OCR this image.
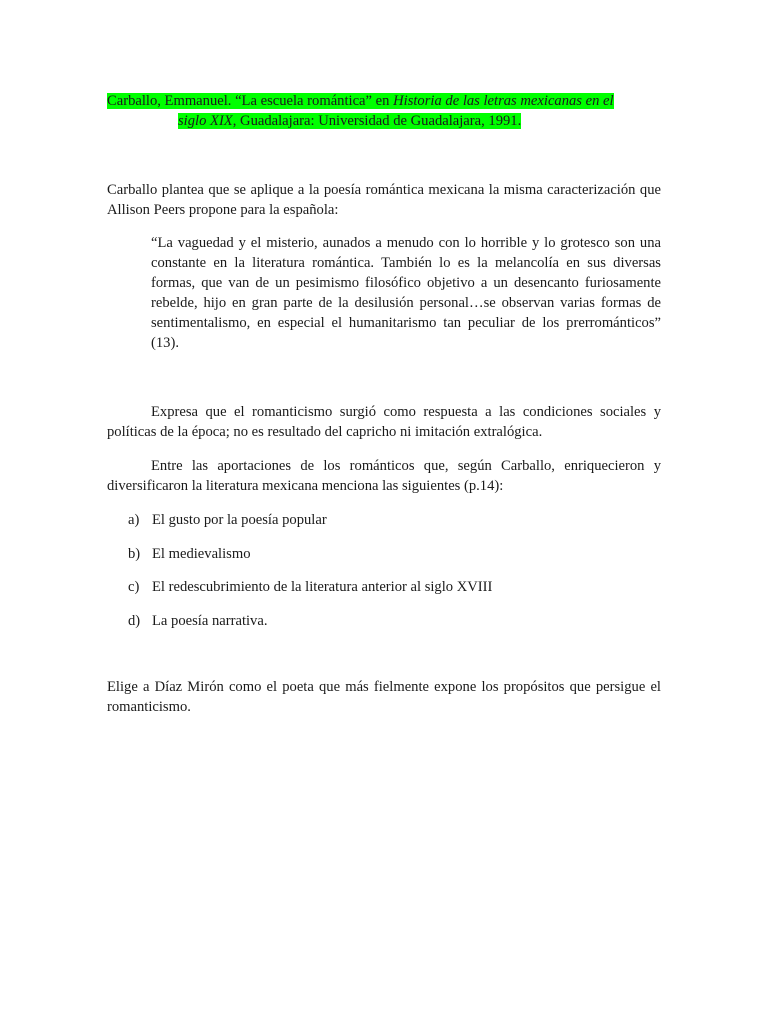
Carballo, Emmanuel. “La escuela romántica” en Historia de las letras mexicanas en el
siglo XIX, Guadalajara: Universidad de Guadalajara, 1991.

Carballo plantea que se aplique a la poesía romántica mexicana la misma caracterización que Allison Peers propone para la española:

“La vaguedad y el misterio, aunados a menudo con lo horrible y lo grotesco son una constante en la literatura romántica. También lo es la melancolía en sus diversas formas, que van de un pesimismo filosófico objetivo a un desencanto furiosamente rebelde, hijo en gran parte de la desilusión personal…se observan varias formas de sentimentalismo, en especial el humanitarismo tan peculiar de los prerrománticos” (13).

Expresa que el romanticismo surgió como respuesta a las condiciones sociales y políticas de la época; no es resultado del capricho ni imitación extralógica.

Entre las aportaciones de los románticos que, según Carballo, enriquecieron y diversificaron la literatura mexicana menciona las siguientes (p.14):

a) El gusto por la poesía popular
b) El medievalismo
c) El redescubrimiento de la literatura anterior al siglo XVIII
d) La poesía narrativa.

Elige a Díaz Mirón como el poeta que más fielmente expone los propósitos que persigue el romanticismo.
